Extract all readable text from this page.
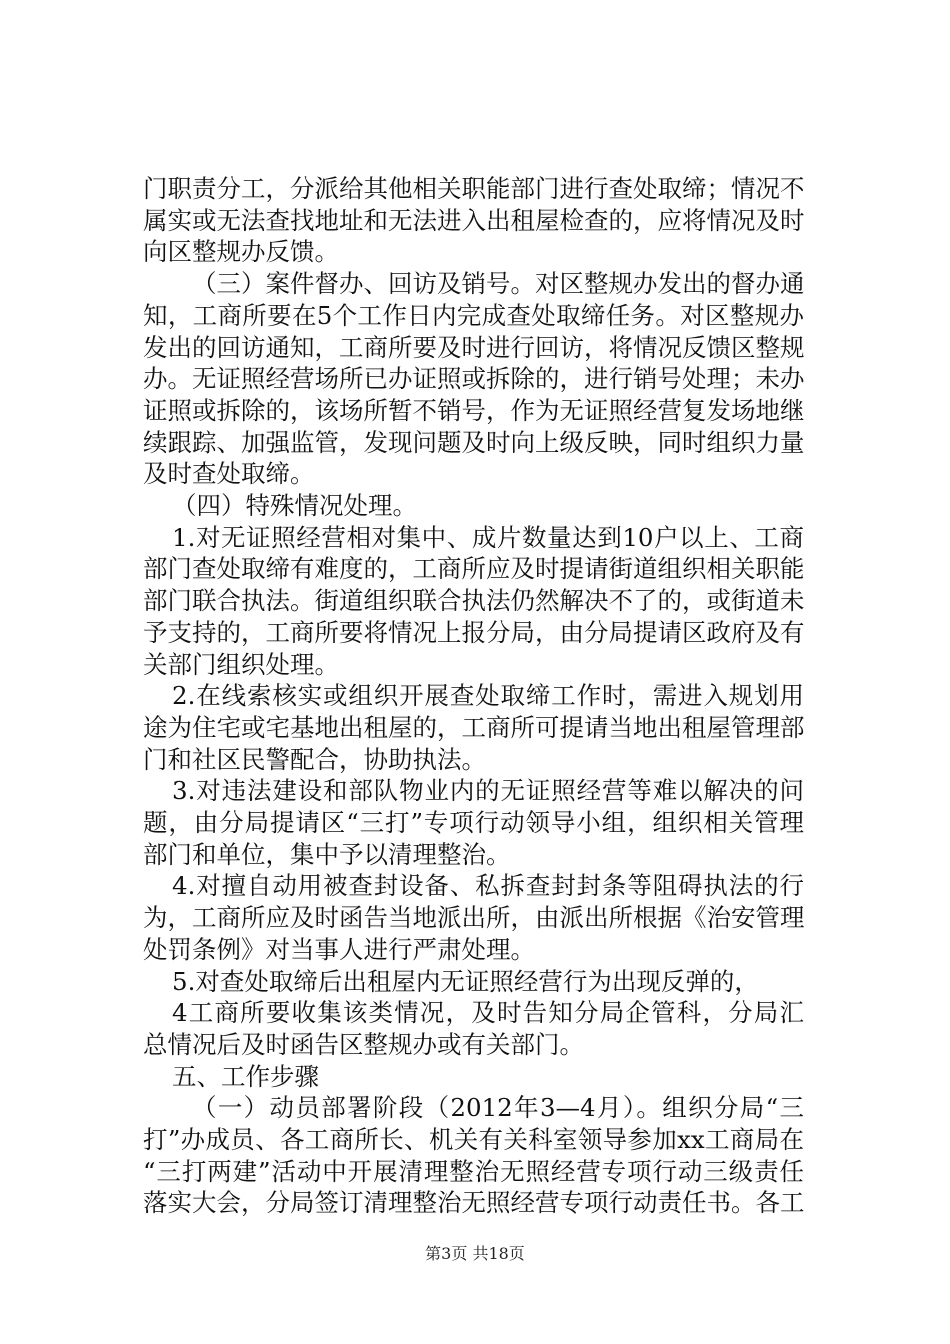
门职责分工，分派给其他相关职能部门进行查处取缔；情况不
属实或无法查找地址和无法进入出租屋检查的，应将情况及时
向区整规办反馈。
（三）案件督办、回访及销号。对区整规办发出的督办通
知，工商所要在5个工作日内完成查处取缔任务。对区整规办
发出的回访通知，工商所要及时进行回访，将情况反馈区整规
办。无证照经营场所已办证照或拆除的，进行销号处理；未办
证照或拆除的，该场所暂不销号，作为无证照经营复发场地继
续跟踪、加强监管，发现问题及时向上级反映，同时组织力量
及时查处取缔。
（四）特殊情况处理。
1.对无证照经营相对集中、成片数量达到10户以上、工商
部门查处取缔有难度的，工商所应及时提请街道组织相关职能
部门联合执法。街道组织联合执法仍然解决不了的，或街道未
予支持的，工商所要将情况上报分局，由分局提请区政府及有
关部门组织处理。
2.在线索核实或组织开展查处取缔工作时，需进入规划用
途为住宅或宅基地出租屋的，工商所可提请当地出租屋管理部
门和社区民警配合，协助执法。
3.对违法建设和部队物业内的无证照经营等难以解决的问
题，由分局提请区“三打”专项行动领导小组，组织相关管理
部门和单位，集中予以清理整治。
4.对擅自动用被查封设备、私拆查封封条等阻碍执法的行
为，工商所应及时函告当地派出所，由派出所根据《治安管理
处罚条例》对当事人进行严肃处理。
5.对查处取缔后出租屋内无证照经营行为出现反弹的，
4工商所要收集该类情况，及时告知分局企管科，分局汇
总情况后及时函告区整规办或有关部门。
五、工作步骤
（一）动员部署阶段（2012年3—4月）。组织分局“三
打”办成员、各工商所长、机关有关科室领导参加xx工商局在
“三打两建”活动中开展清理整治无照经营专项行动三级责任
落实大会，分局签订清理整治无照经营专项行动责任书。各工
第3页 共18页
